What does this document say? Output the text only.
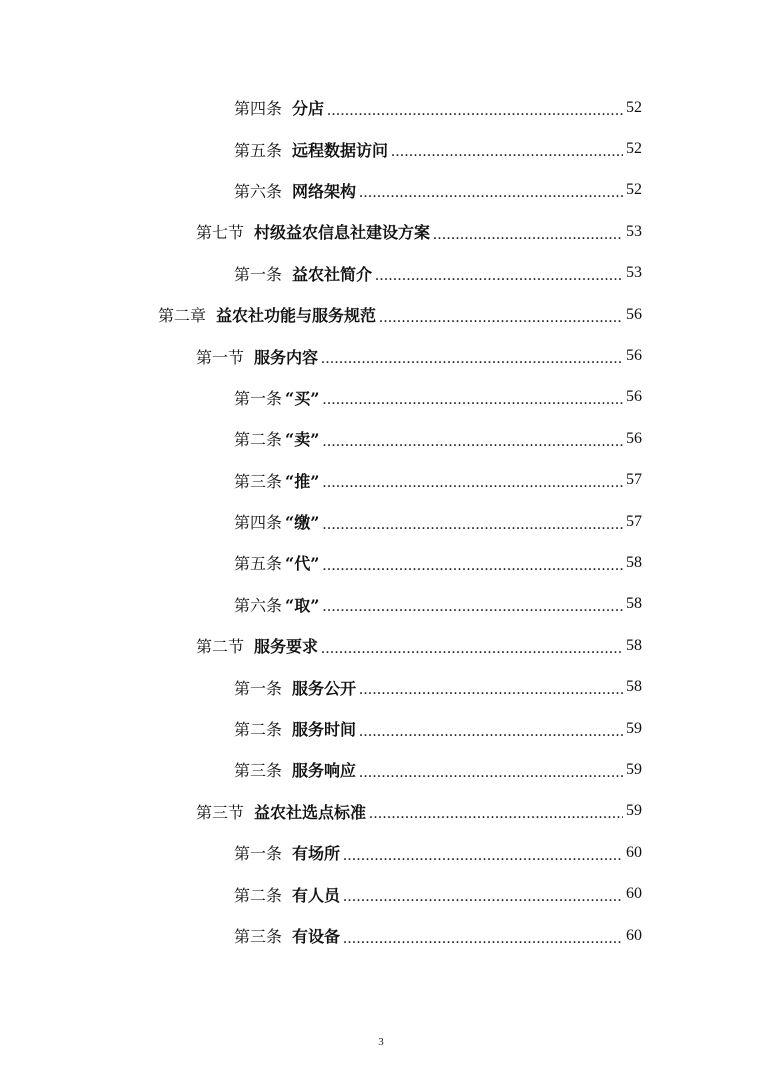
第四条 分店 .....	52
第五条 远程数据访问 .....	52
第六条 网络架构 .....	52
第七节 村级益农信息社建设方案 .....	53
第一条 益农社简介 .....	53
第二章 益农社功能与服务规范 .....	56
第一节 服务内容 .....	56
第一条 “买” .....	56
第二条 “卖” .....	56
第三条 “推” .....	57
第四条 “缴” .....	57
第五条 “代” .....	58
第六条 “取” .....	58
第二节 服务要求 .....	58
第一条 服务公开 .....	58
第二条 服务时间 .....	59
第三条 服务响应 .....	59
第三节 益农社选点标准 .....	59
第一条 有场所 .....	60
第二条 有人员 .....	60
第三条 有设备 .....	60
3
